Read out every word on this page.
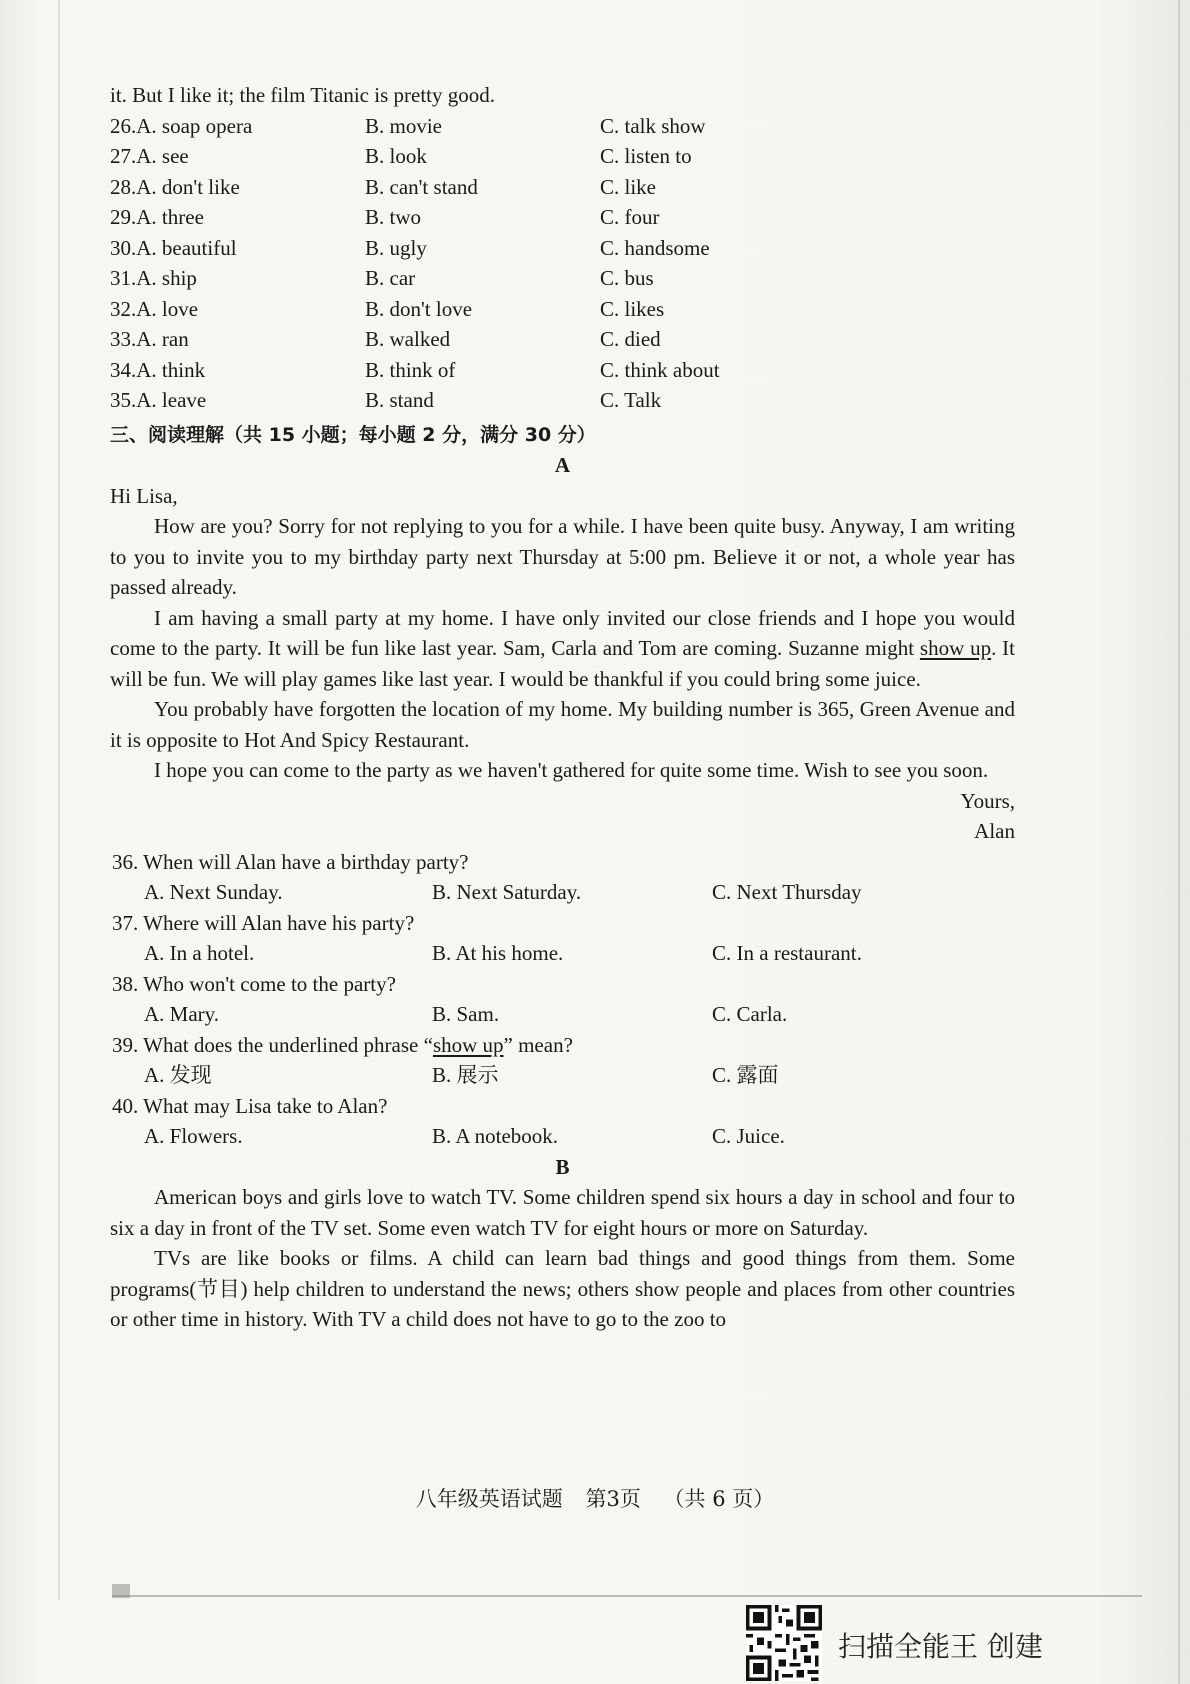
it. But I like it; the film Titanic is pretty good.
26.A. soap opera	B. movie	C. talk show
27.A. see	B. look	C. listen to
28.A. don't like	B. can't stand	C. like
29.A. three	B. two	C. four
30.A. beautiful	B. ugly	C. handsome
31.A. ship	B. car	C. bus
32.A. love	B. don't love	C. likes
33.A. ran	B. walked	C. died
34.A. think	B. think of	C. think about
35.A. leave	B. stand	C. Talk
三、阅读理解（共 15 小题；每小题 2 分，满分 30 分）
A
Hi Lisa,

How are you? Sorry for not replying to you for a while. I have been quite busy. Anyway, I am writing to you to invite you to my birthday party next Thursday at 5:00 pm. Believe it or not, a whole year has passed already.

I am having a small party at my home. I have only invited our close friends and I hope you would come to the party. It will be fun like last year. Sam, Carla and Tom are coming. Suzanne might show up. It will be fun. We will play games like last year. I would be thankful if you could bring some juice.

You probably have forgotten the location of my home. My building number is 365, Green Avenue and it is opposite to Hot And Spicy Restaurant.

I hope you can come to the party as we haven't gathered for quite some time. Wish to see you soon.

Yours,
Alan
36. When will Alan have a birthday party?
A. Next Sunday.	B. Next Saturday.	C. Next Thursday
37. Where will Alan have his party?
A. In a hotel.	B. At his home.	C. In a restaurant.
38. Who won't come to the party?
A. Mary.	B. Sam.	C. Carla.
39. What does the underlined phrase “show up” mean?
A. 发现	B. 展示	C. 露面
40. What may Lisa take to Alan?
A. Flowers.	B. A notebook.	C. Juice.
B

American boys and girls love to watch TV. Some children spend six hours a day in school and four to six a day in front of the TV set. Some even watch TV for eight hours or more on Saturday.

TVs are like books or films. A child can learn bad things and good things from them. Some programs(节目) help children to understand the news; others show people and places from other countries or other time in history. With TV a child does not have to go to the zoo to

八年级英语试题 第3页 （共 6 页）
扫描全能王 创建
